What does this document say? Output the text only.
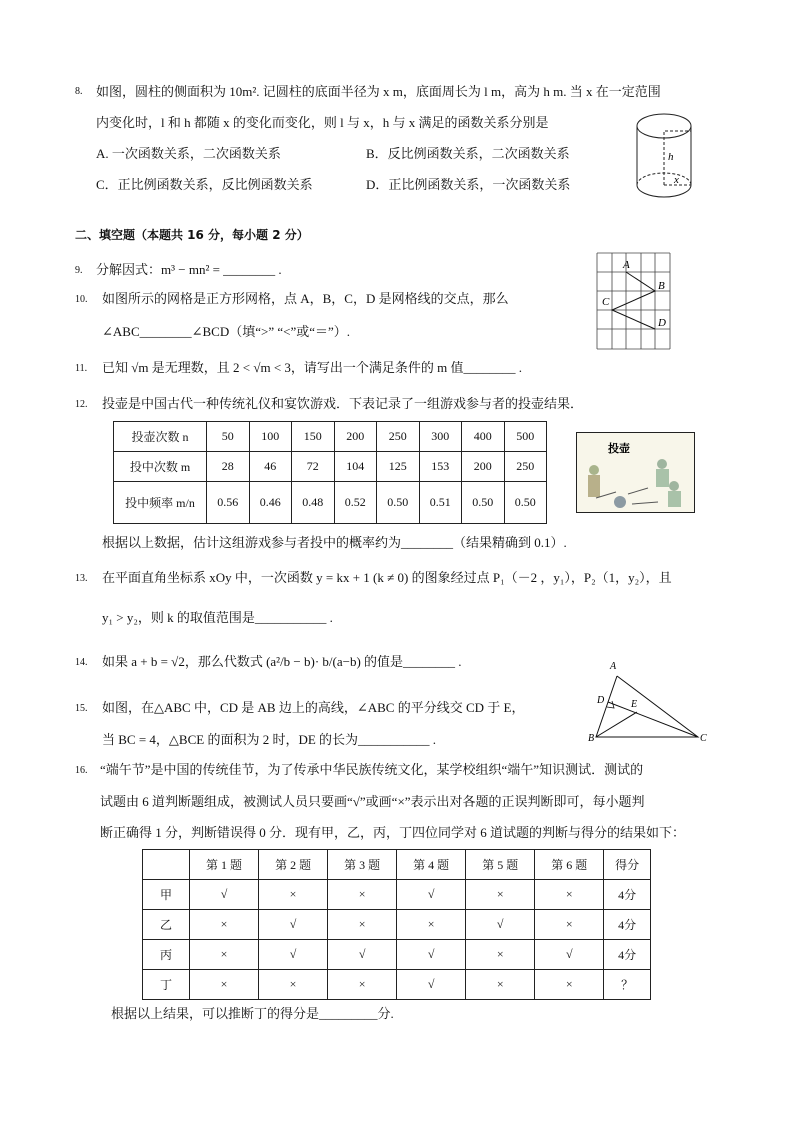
8. 如图，圆柱的侧面积为 10m². 记圆柱的底面半径为 x m，底面周长为 l m，高为 h m. 当 x 在一定范围
内变化时，l 和 h 都随 x 的变化而变化，则 l 与 x，h 与 x 满足的函数关系分别是
A. 一次函数关系，二次函数关系	B．反比例函数关系，二次函数关系
C．正比例函数关系，反比例函数关系	D．正比例函数关系，一次函数关系
h
x
二、填空题（本题共 16 分，每小题 2 分）
9. 分解因式：m³ − mn² = ________ .
10. 如图所示的网格是正方形网格，点 A，B，C，D 是网格线的交点，那么
∠ABC________∠BCD（填“>” “<”或“＝”）.
A
B
C
D
11. 已知 √m 是无理数，且 2 < √m < 3，请写出一个满足条件的 m 值________ .
12. 投壶是中国古代一种传统礼仪和宴饮游戏．下表记录了一组游戏参与者的投壶结果．
投壶次数 n	50	100	150	200	250	300	400	500
投中次数 m	28	46	72	104	125	153	200	250
投中频率 m/n	0.56	0.46	0.48	0.52	0.50	0.51	0.50	0.50
投壶
根据以上数据，估计这组游戏参与者投中的概率约为________（结果精确到 0.1）.
13. 在平面直角坐标系 xOy 中，一次函数 y = kx + 1 (k ≠ 0) 的图象经过点 P₁（－2 ，y₁），P₂（1，y₂），且
y₁ > y₂，则 k 的取值范围是___________ .
14. 如果 a + b = √2，那么代数式 (a²/b − b)· b/(a−b) 的值是________ .
15. 如图，在△ABC 中，CD 是 AB 边上的高线，∠ABC 的平分线交 CD 于 E，
当 BC = 4，△BCE 的面积为 2 时，DE 的长为___________ .
A
B	C
D	E
16. “端午节”是中国的传统佳节，为了传承中华民族传统文化，某学校组织“端午”知识测试．测试的
试题由 6 道判断题组成，被测试人员只要画“√”或画“×”表示出对各题的正误判断即可，每小题判
断正确得 1 分，判断错误得 0 分．现有甲，乙，丙，丁四位同学对 6 道试题的判断与得分的结果如下：
	第 1 题	第 2 题	第 3 题	第 4 题	第 5 题	第 6 题	得分
甲	√	×	×	√	×	×	4分
乙	×	√	×	×	√	×	4分
丙	×	√	√	√	×	√	4分
丁	×	×	×	√	×	×	？
根据以上结果，可以推断丁的得分是_________分.
